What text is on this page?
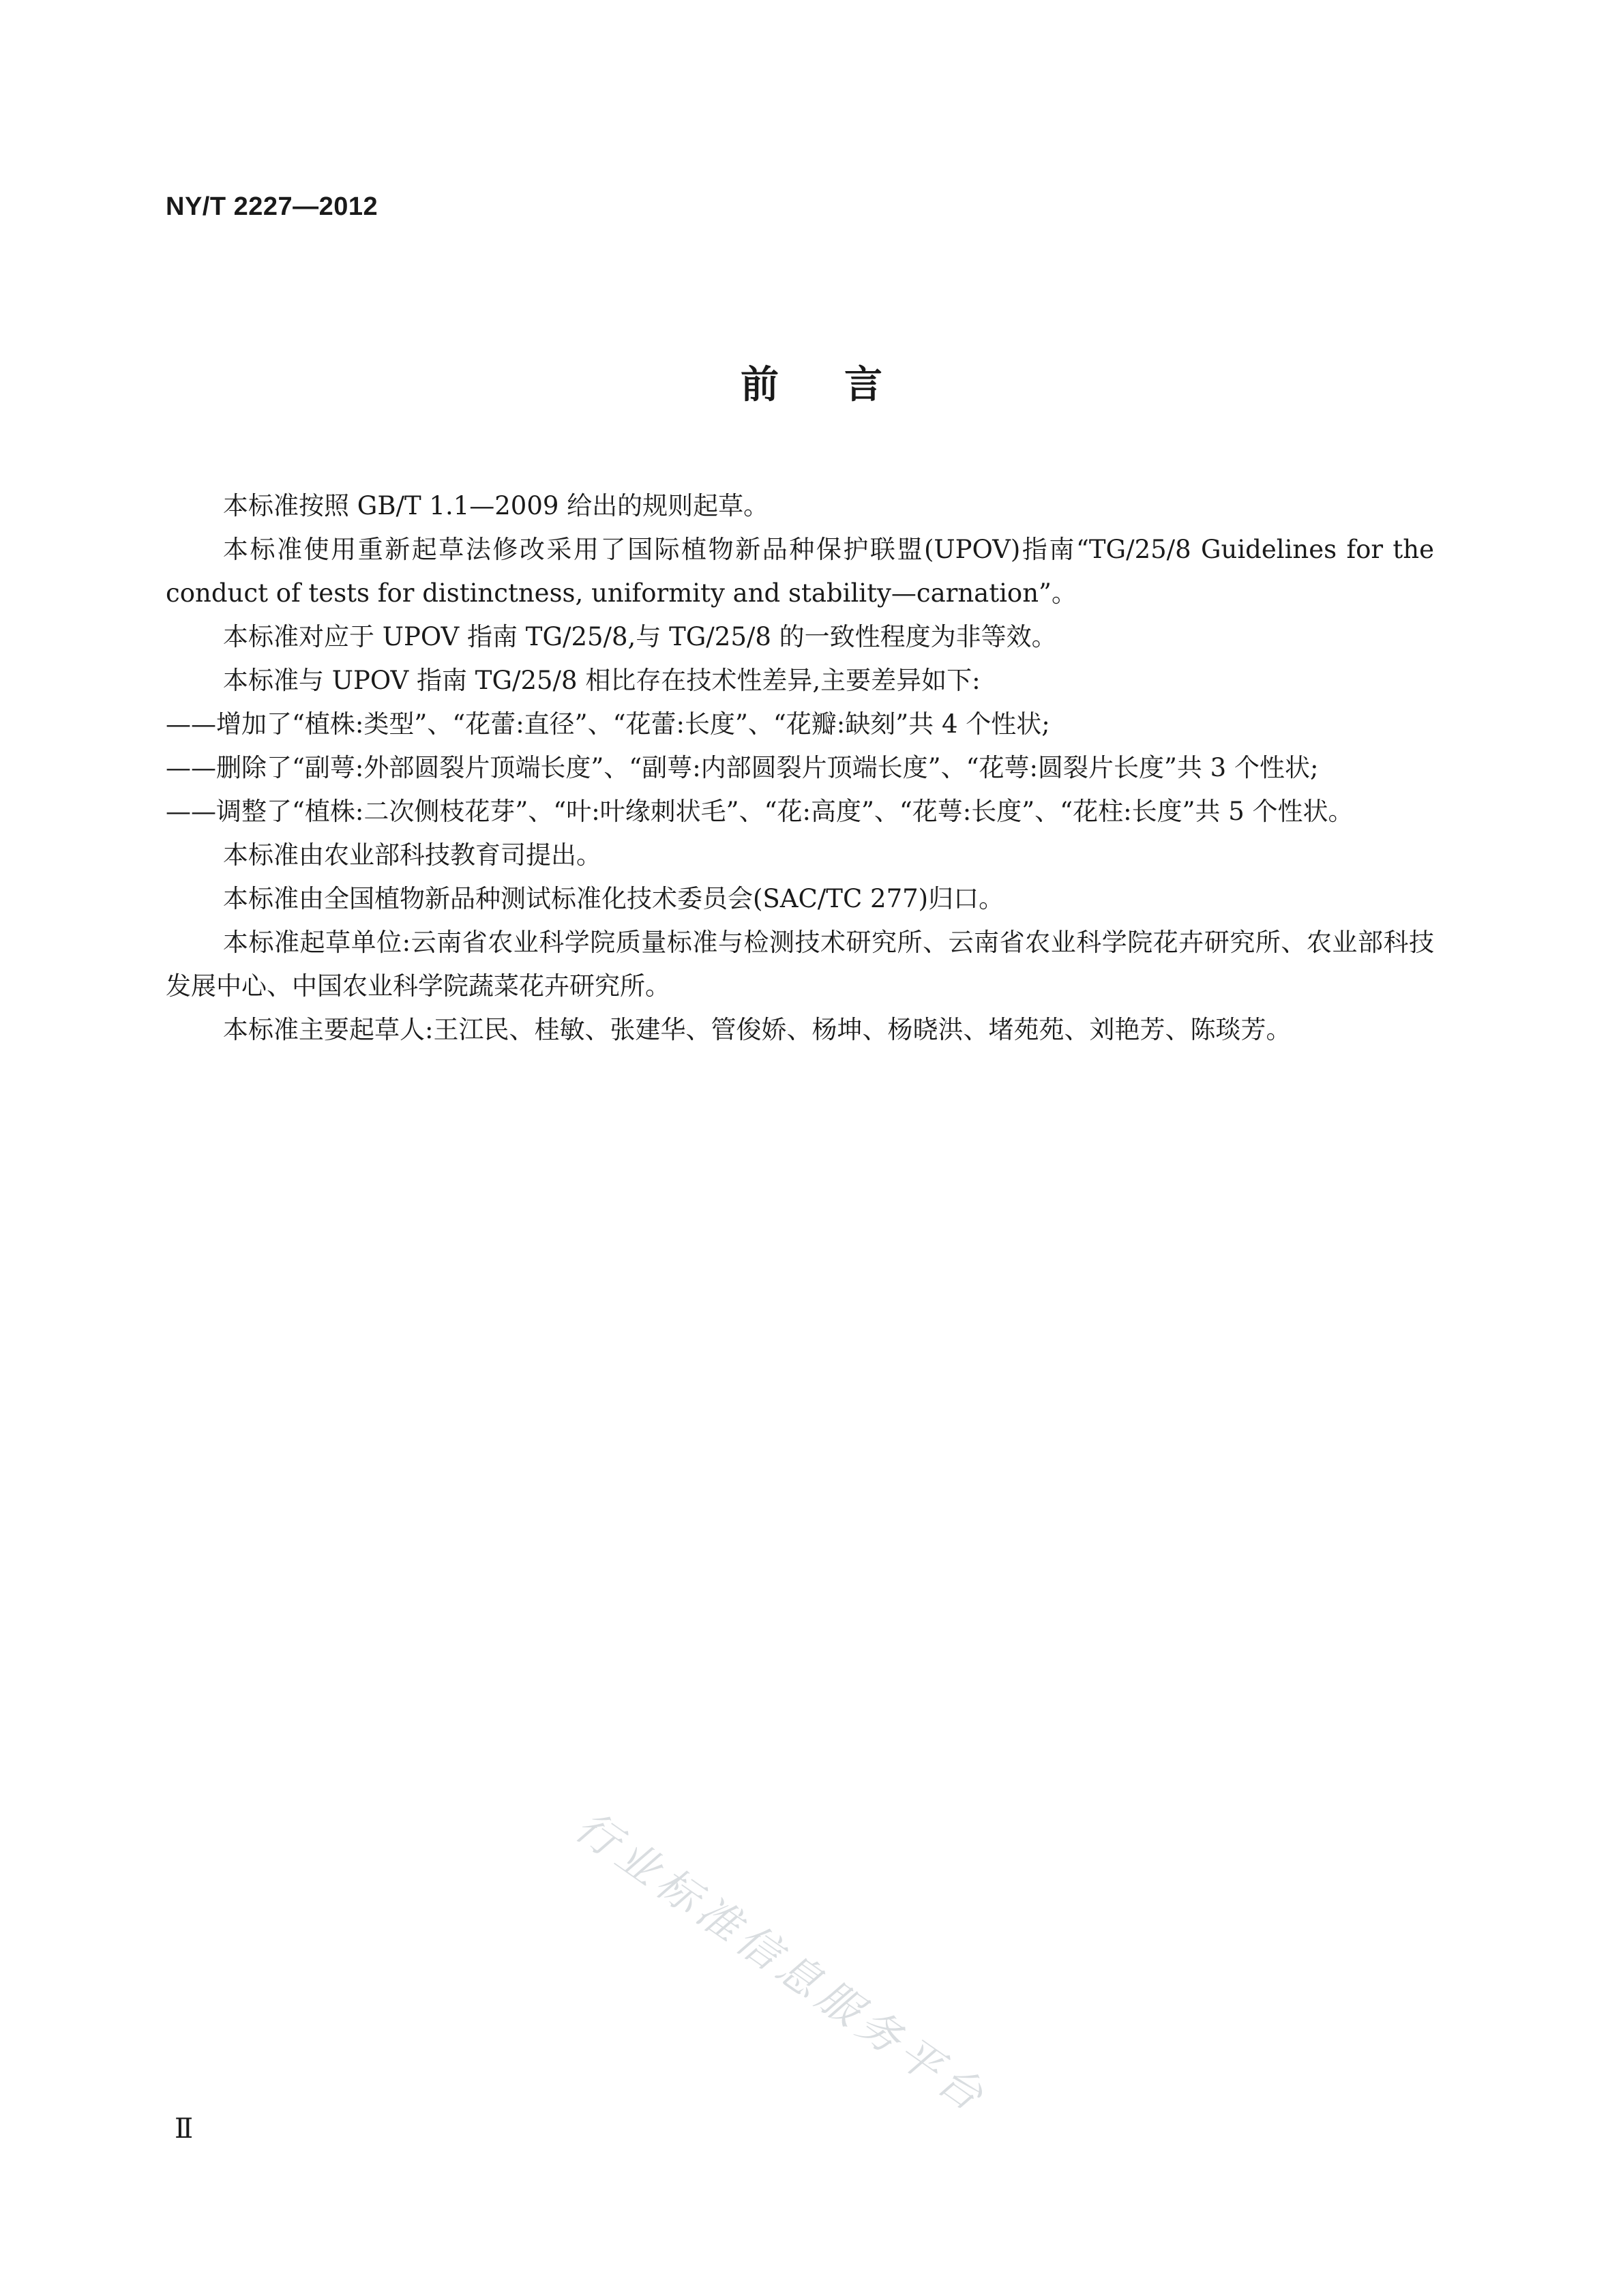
NY/T 2227—2012
前言

本标准按照 GB/T 1.1—2009 给出的规则起草。

本标准使用重新起草法修改采用了国际植物新品种保护联盟(UPOV)指南“TG/25/8 Guidelines for the conduct of tests for distinctness, uniformity and stability—carnation”。

本标准对应于 UPOV 指南 TG/25/8,与 TG/25/8 的一致性程度为非等效。

本标准与 UPOV 指南 TG/25/8 相比存在技术性差异,主要差异如下:

——增加了“植株:类型”、“花蕾:直径”、“花蕾:长度”、“花瓣:缺刻”共 4 个性状;

——删除了“副萼:外部圆裂片顶端长度”、“副萼:内部圆裂片顶端长度”、“花萼:圆裂片长度”共 3 个性状;

——调整了“植株:二次侧枝花芽”、“叶:叶缘刺状毛”、“花:高度”、“花萼:长度”、“花柱:长度”共 5 个性状。

本标准由农业部科技教育司提出。

本标准由全国植物新品种测试标准化技术委员会(SAC/TC 277)归口。

本标准起草单位:云南省农业科学院质量标准与检测技术研究所、云南省农业科学院花卉研究所、农业部科技发展中心、中国农业科学院蔬菜花卉研究所。

本标准主要起草人:王江民、桂敏、张建华、管俊娇、杨坤、杨晓洪、堵苑苑、刘艳芳、陈琰芳。

行业标准信息服务平台
Ⅱ
